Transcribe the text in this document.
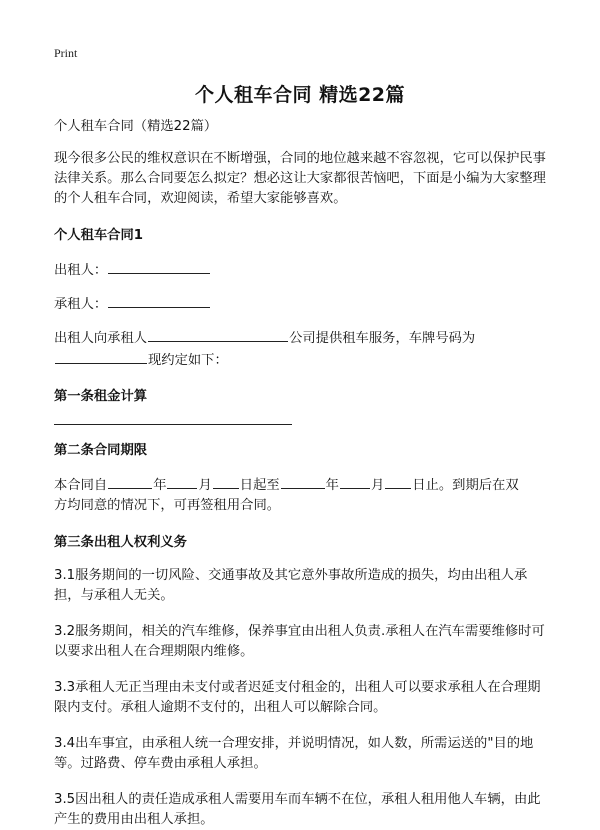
Print
个人租车合同 精选22篇

个人租车合同（精选22篇）

现今很多公民的维权意识在不断增强，合同的地位越来越不容忽视，它可以保护民事法律关系。那么合同要怎么拟定？想必这让大家都很苦恼吧，下面是小编为大家整理的个人租车合同，欢迎阅读，希望大家能够喜欢。

个人租车合同1

出租人：

承租人：

出租人向承租人	公司提供租车服务，车牌号码为
现约定如下：

第一条租金计算

第二条合同期限

本合同自	年 月 日起至	年 月 日止。到期后在双
方均同意的情况下，可再签租用合同。

第三条出租人权利义务

3.1服务期间的一切风险、交通事故及其它意外事故所造成的损失，均由出租人承担，与承租人无关。

3.2服务期间，相关的汽车维修，保养事宜由出租人负责.承租人在汽车需要维修时可以要求出租人在合理期限内维修。

3.3承租人无正当理由未支付或者迟延支付租金的，出租人可以要求承租人在合理期限内支付。承租人逾期不支付的，出租人可以解除合同。

3.4出车事宜，由承租人统一合理安排，并说明情况，如人数，所需运送的"目的地等。过路费、停车费由承租人承担。

3.5因出租人的责任造成承租人需要用车而车辆不在位，承租人租用他人车辆，由此产生的费用由出租人承担。
